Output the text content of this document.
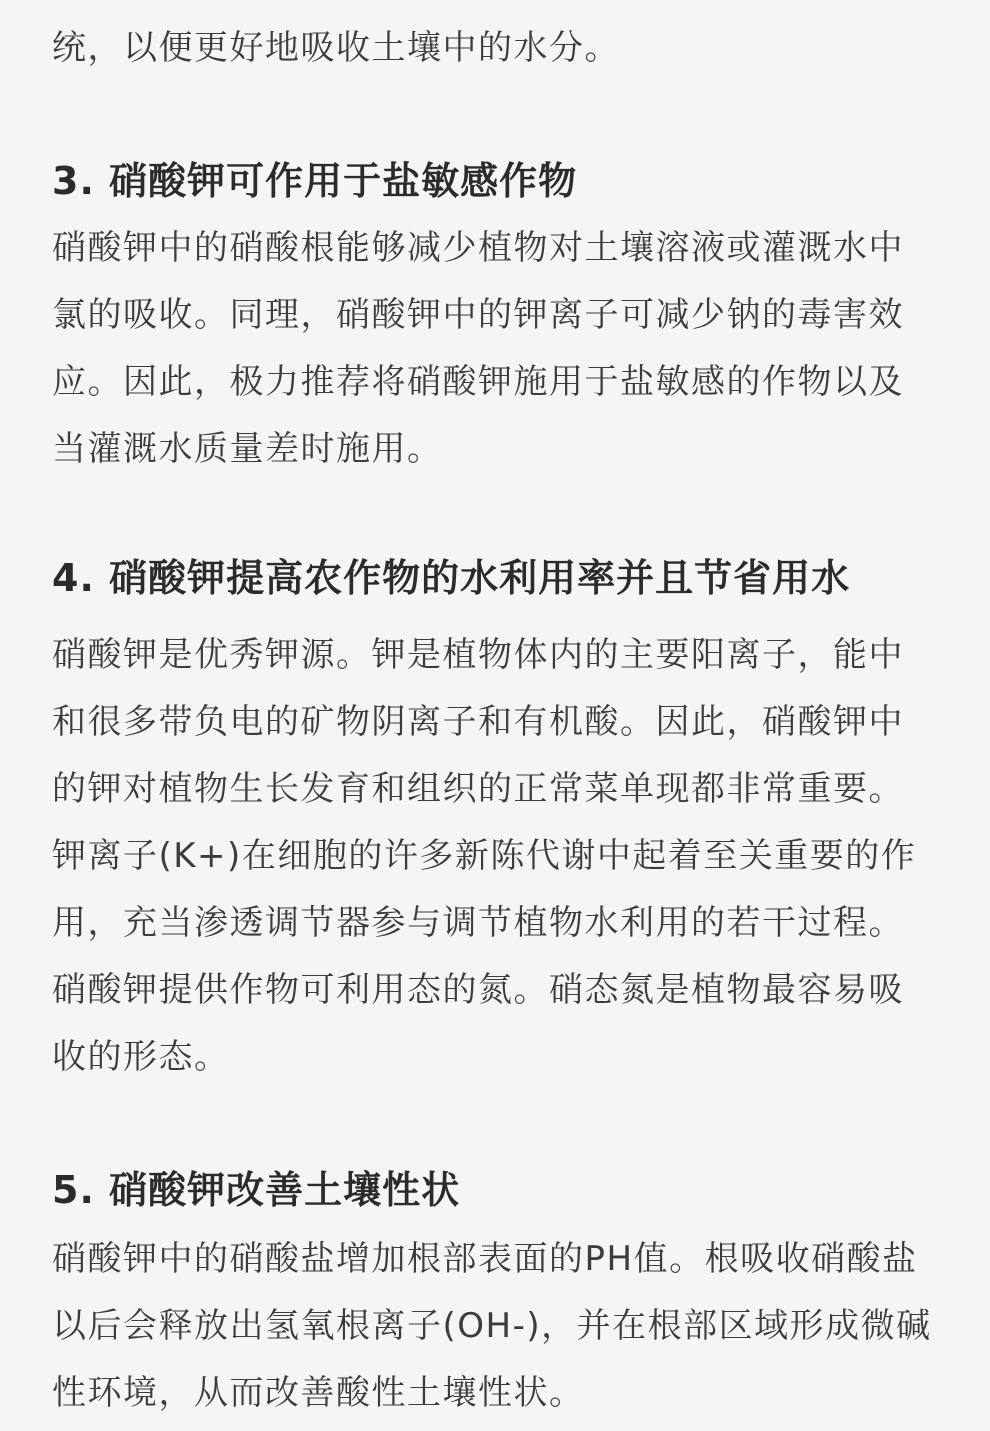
统，以便更好地吸收土壤中的水分。

3. 硝酸钾可作用于盐敏感作物

硝酸钾中的硝酸根能够减少植物对土壤溶液或灌溉水中
氯的吸收。同理，硝酸钾中的钾离子可减少钠的毒害效
应。因此，极力推荐将硝酸钾施用于盐敏感的作物以及
当灌溉水质量差时施用。

4. 硝酸钾提高农作物的水利用率并且节省用水

硝酸钾是优秀钾源。钾是植物体内的主要阳离子，能中
和很多带负电的矿物阴离子和有机酸。因此，硝酸钾中
的钾对植物生长发育和组织的正常菜单现都非常重要。
钾离子(K+)在细胞的许多新陈代谢中起着至关重要的作
用，充当渗透调节器参与调节植物水利用的若干过程。
硝酸钾提供作物可利用态的氮。硝态氮是植物最容易吸
收的形态。

5. 硝酸钾改善土壤性状

硝酸钾中的硝酸盐增加根部表面的PH值。根吸收硝酸盐
以后会释放出氢氧根离子(OH-)，并在根部区域形成微碱
性环境，从而改善酸性土壤性状。
